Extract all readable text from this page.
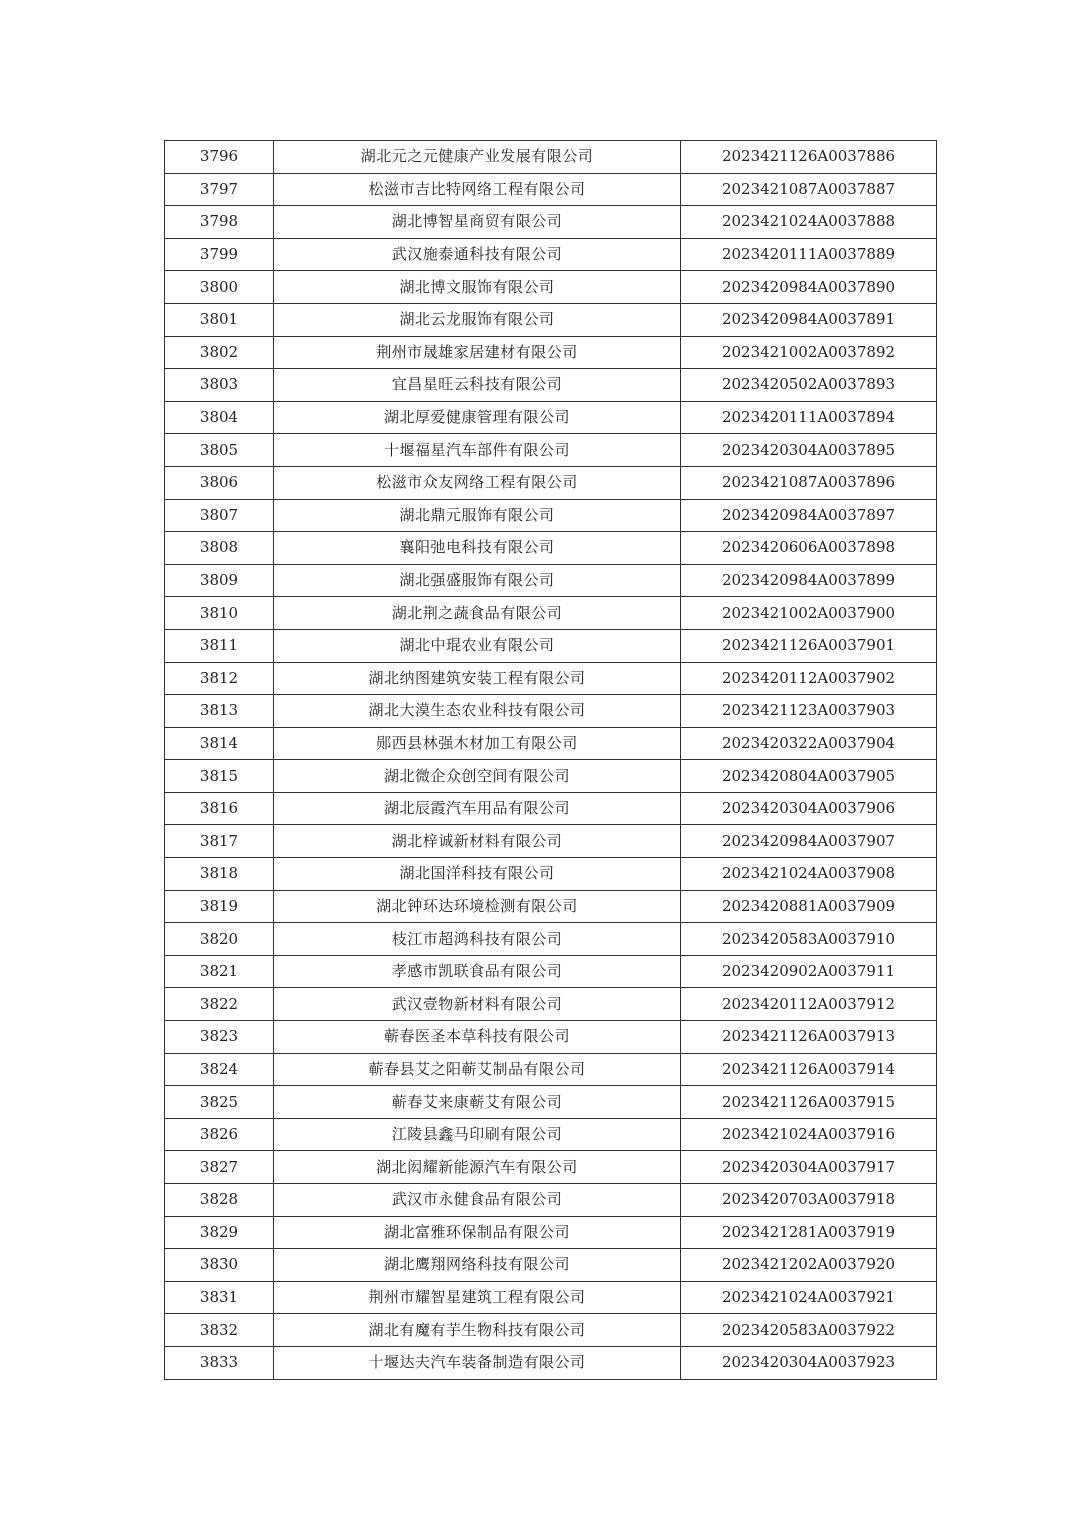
3796	湖北元之元健康产业发展有限公司	2023421126A0037886
3797	松滋市吉比特网络工程有限公司	2023421087A0037887
3798	湖北博智星商贸有限公司	2023421024A0037888
3799	武汉施泰通科技有限公司	2023420111A0037889
3800	湖北博文服饰有限公司	2023420984A0037890
3801	湖北云龙服饰有限公司	2023420984A0037891
3802	荆州市晟雄家居建材有限公司	2023421002A0037892
3803	宜昌星旺云科技有限公司	2023420502A0037893
3804	湖北厚爱健康管理有限公司	2023420111A0037894
3805	十堰福星汽车部件有限公司	2023420304A0037895
3806	松滋市众友网络工程有限公司	2023421087A0037896
3807	湖北鼎元服饰有限公司	2023420984A0037897
3808	襄阳弛电科技有限公司	2023420606A0037898
3809	湖北强盛服饰有限公司	2023420984A0037899
3810	湖北荆之蔬食品有限公司	2023421002A0037900
3811	湖北中琨农业有限公司	2023421126A0037901
3812	湖北纳图建筑安装工程有限公司	2023420112A0037902
3813	湖北大漠生态农业科技有限公司	2023421123A0037903
3814	郧西县林强木材加工有限公司	2023420322A0037904
3815	湖北微企众创空间有限公司	2023420804A0037905
3816	湖北辰霞汽车用品有限公司	2023420304A0037906
3817	湖北梓诚新材料有限公司	2023420984A0037907
3818	湖北国洋科技有限公司	2023421024A0037908
3819	湖北钟环达环境检测有限公司	2023420881A0037909
3820	枝江市超鸿科技有限公司	2023420583A0037910
3821	孝感市凯联食品有限公司	2023420902A0037911
3822	武汉壹物新材料有限公司	2023420112A0037912
3823	蕲春医圣本草科技有限公司	2023421126A0037913
3824	蕲春县艾之阳蕲艾制品有限公司	2023421126A0037914
3825	蕲春艾来康蕲艾有限公司	2023421126A0037915
3826	江陵县鑫马印刷有限公司	2023421024A0037916
3827	湖北闳耀新能源汽车有限公司	2023420304A0037917
3828	武汉市永健食品有限公司	2023420703A0037918
3829	湖北富雅环保制品有限公司	2023421281A0037919
3830	湖北鹰翔网络科技有限公司	2023421202A0037920
3831	荆州市耀智星建筑工程有限公司	2023421024A0037921
3832	湖北有魔有芋生物科技有限公司	2023420583A0037922
3833	十堰达夫汽车装备制造有限公司	2023420304A0037923
